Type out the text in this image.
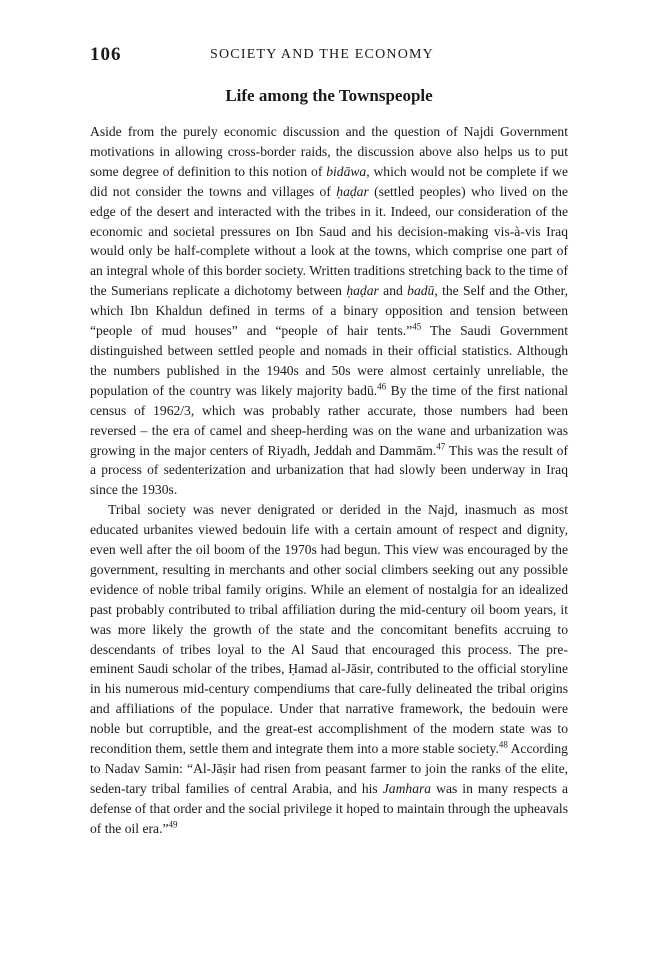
106	SOCIETY AND THE ECONOMY
Life among the Townspeople

Aside from the purely economic discussion and the question of Najdi Government motivations in allowing cross-border raids, the discussion above also helps us to put some degree of definition to this notion of bidāwa, which would not be complete if we did not consider the towns and villages of ḥaḍar (settled peoples) who lived on the edge of the desert and interacted with the tribes in it. Indeed, our consideration of the economic and societal pressures on Ibn Saud and his decision-making vis-à-vis Iraq would only be half-complete without a look at the towns, which comprise one part of an integral whole of this border society. Written traditions stretching back to the time of the Sumerians replicate a dichotomy between ḥaḍar and badū, the Self and the Other, which Ibn Khaldun defined in terms of a binary opposition and tension between “people of mud houses” and “people of hair tents.”$^{45}$ The Saudi Government distinguished between settled people and nomads in their official statistics. Although the numbers published in the 1940s and 50s were almost certainly unreliable, the population of the country was likely majority badū.$^{46}$ By the time of the first national census of 1962/3, which was probably rather accurate, those numbers had been reversed – the era of camel and sheep-herding was on the wane and urbanization was growing in the major centers of Riyadh, Jeddah and Dammām.$^{47}$ This was the result of a process of sedenterization and urbanization that had slowly been underway in Iraq since the 1930s.

Tribal society was never denigrated or derided in the Najd, inasmuch as most educated urbanites viewed bedouin life with a certain amount of respect and dignity, even well after the oil boom of the 1970s had begun. This view was encouraged by the government, resulting in merchants and other social climbers seeking out any possible evidence of noble tribal family origins. While an element of nostalgia for an idealized past probably contributed to tribal affiliation during the mid-century oil boom years, it was more likely the growth of the state and the concomitant benefits accruing to descendants of tribes loyal to the Al Saud that encouraged this process. The pre-eminent Saudi scholar of the tribes, Ḥamad al-Jāsir, contributed to the official storyline in his numerous mid-century compendiums that care-fully delineated the tribal origins and affiliations of the populace. Under that narrative framework, the bedouin were noble but corruptible, and the great-est accomplishment of the modern state was to recondition them, settle them and integrate them into a more stable society.$^{48}$ According to Nadav Samin: “Al-Jāṣir had risen from peasant farmer to join the ranks of the elite, seden-tary tribal families of central Arabia, and his Jamhara was in many respects a defense of that order and the social privilege it hoped to maintain through the upheavals of the oil era.”$^{49}$
